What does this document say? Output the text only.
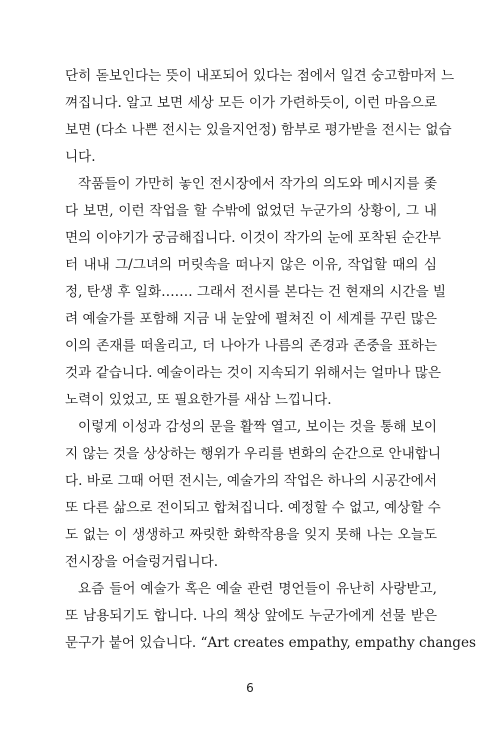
단히 돋보인다는 뜻이 내포되어 있다는 점에서 일견 숭고함마저 느
껴집니다. 알고 보면 세상 모든 이가 가련하듯이, 이런 마음으로
보면 (다소 나쁜 전시는 있을지언정) 함부로 평가받을 전시는 없습
니다.
작품들이 가만히 놓인 전시장에서 작가의 의도와 메시지를 좇
다 보면, 이런 작업을 할 수밖에 없었던 누군가의 상황이, 그 내
면의 이야기가 궁금해집니다. 이것이 작가의 눈에 포착된 순간부
터 내내 그/그녀의 머릿속을 떠나지 않은 이유, 작업할 때의 심
정, 탄생 후 일화……. 그래서 전시를 본다는 건 현재의 시간을 빌
려 예술가를 포함해 지금 내 눈앞에 펼쳐진 이 세계를 꾸린 많은
이의 존재를 떠올리고, 더 나아가 나름의 존경과 존중을 표하는
것과 같습니다. 예술이라는 것이 지속되기 위해서는 얼마나 많은
노력이 있었고, 또 필요한가를 새삼 느낍니다.
이렇게 이성과 감성의 문을 활짝 열고, 보이는 것을 통해 보이
지 않는 것을 상상하는 행위가 우리를 변화의 순간으로 안내합니
다. 바로 그때 어떤 전시는, 예술가의 작업은 하나의 시공간에서
또 다른 삶으로 전이되고 합쳐집니다. 예정할 수 없고, 예상할 수
도 없는 이 생생하고 짜릿한 화학작용을 잊지 못해 나는 오늘도
전시장을 어슬렁거립니다.
요즘 들어 예술가 혹은 예술 관련 명언들이 유난히 사랑받고,
또 남용되기도 합니다. 나의 책상 앞에도 누군가에게 선물 받은
문구가 붙어 있습니다. “Art creates empathy, empathy changes
6
